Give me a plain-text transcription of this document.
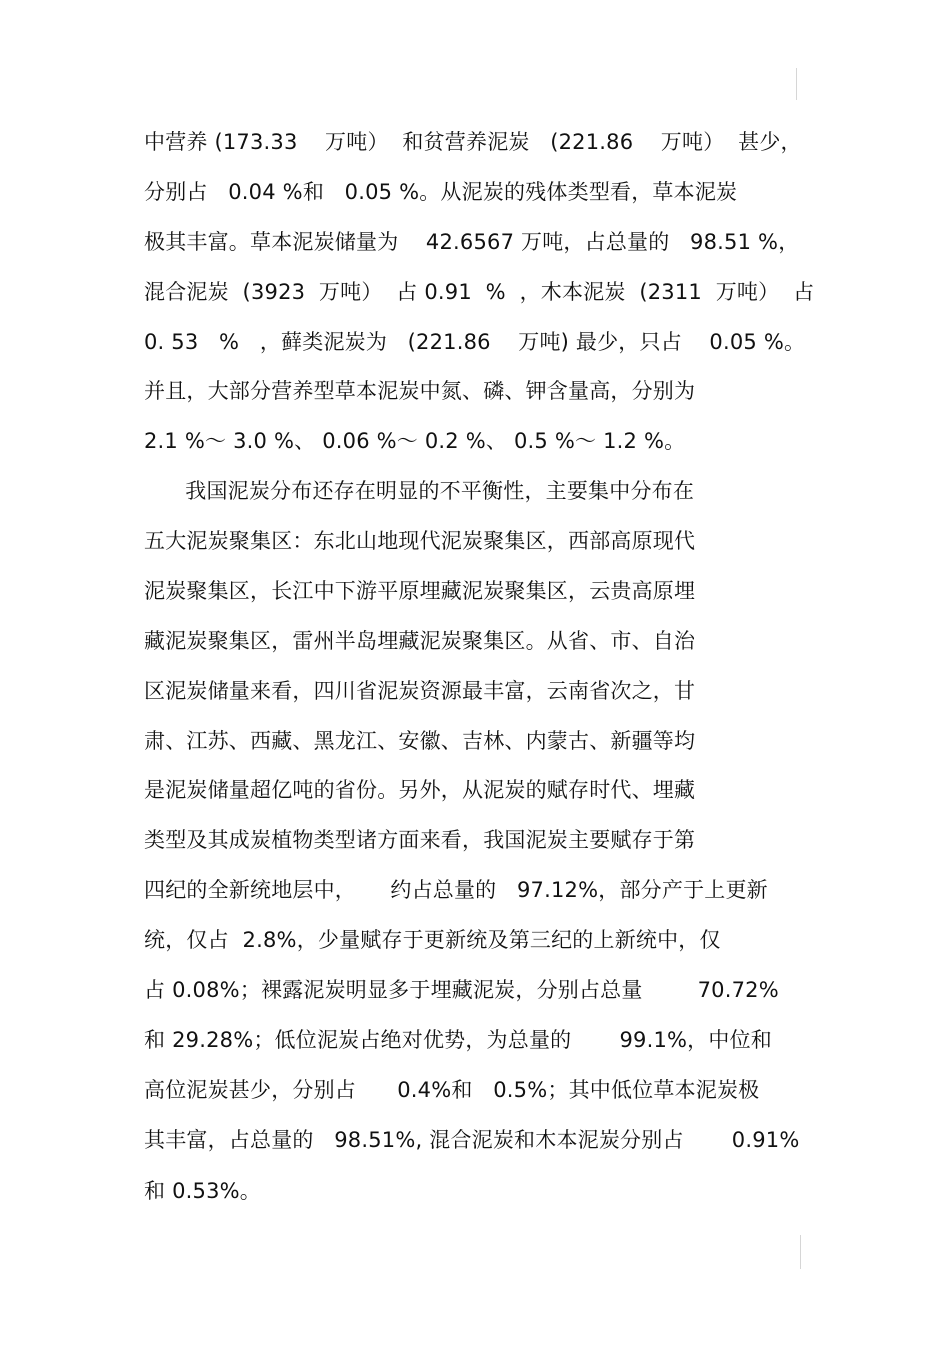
中营养 (173.33    万吨）  和贫营养泥炭   (221.86    万吨）  甚少，
分别占   0.04 %和   0.05 %。从泥炭的残体类型看，草本泥炭
极其丰富。草本泥炭储量为    42.6567 万吨，占总量的   98.51 %，
混合泥炭  (3923  万吨）  占 0.91  %  ，木本泥炭  (2311  万吨）  占
0. 53   %   ，藓类泥炭为   (221.86    万吨) 最少，只占    0.05 %。
并且，大部分营养型草本泥炭中氮、磷、钾含量高，分别为
2.1 %～ 3.0 %、 0.06 %～ 0.2 %、 0.5 %～ 1.2 %。
我国泥炭分布还存在明显的不平衡性，主要集中分布在
五大泥炭聚集区：东北山地现代泥炭聚集区，西部高原现代
泥炭聚集区，长江中下游平原埋藏泥炭聚集区，云贵高原埋
藏泥炭聚集区，雷州半岛埋藏泥炭聚集区。从省、市、自治
区泥炭储量来看，四川省泥炭资源最丰富，云南省次之，甘
肃、江苏、西藏、黑龙江、安徽、吉林、内蒙古、新疆等均
是泥炭储量超亿吨的省份。另外，从泥炭的赋存时代、埋藏
类型及其成炭植物类型诸方面来看，我国泥炭主要赋存于第
四纪的全新统地层中，     约占总量的   97.12%，部分产于上更新
统，仅占  2.8%，少量赋存于更新统及第三纪的上新统中，仅
占 0.08%；裸露泥炭明显多于埋藏泥炭，分别占总量        70.72%
和 29.28%；低位泥炭占绝对优势，为总量的       99.1%，中位和
高位泥炭甚少，分别占      0.4%和   0.5%；其中低位草本泥炭极
其丰富，占总量的   98.51%, 混合泥炭和木本泥炭分别占       0.91%
和 0.53%。
